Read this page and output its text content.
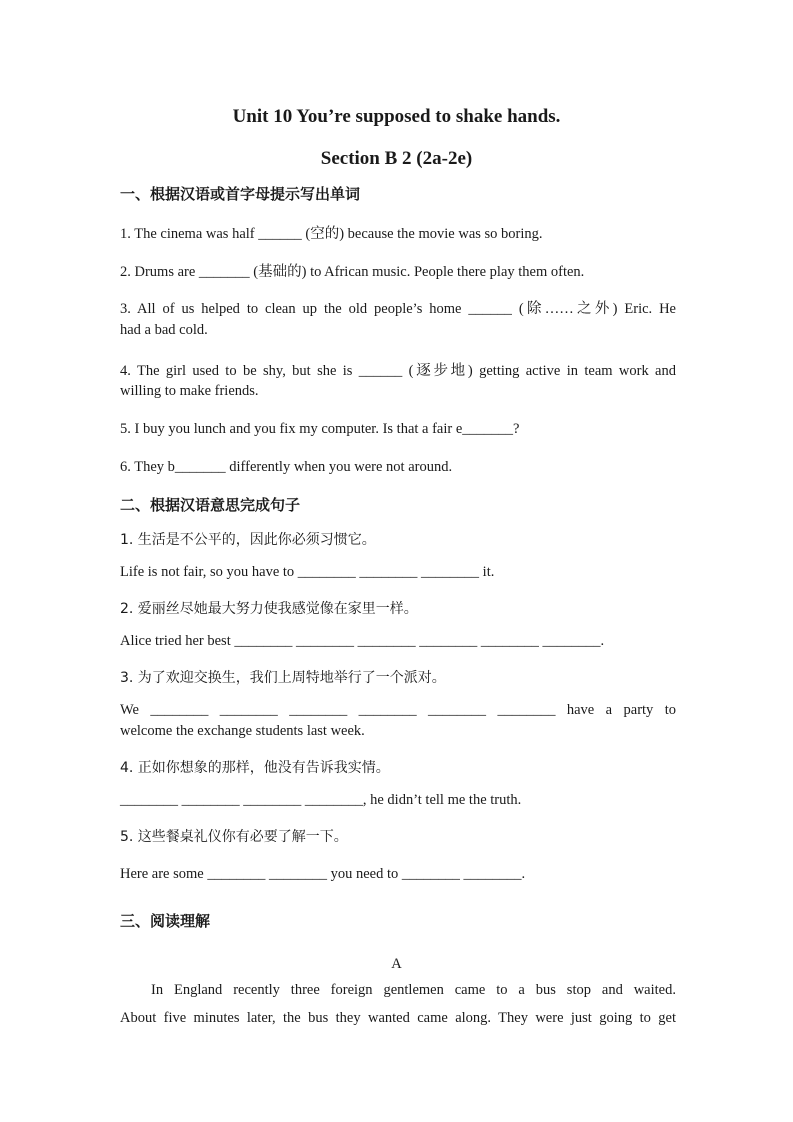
Unit 10 You’re supposed to shake hands.
Section B 2 (2a-2e)
一、根据汉语或首字母提示写出单词
1. The cinema was half ______ (空的) because the movie was so boring.
2. Drums are _______ (基础的) to African music. People there play them often.
3. All of us helped to clean up the old people’s home ______ (除……之外) Eric. He
had a bad cold.
4. The girl used to be shy, but she is ______ (逐步地) getting active in team work and
willing to make friends.
5. I buy you lunch and you fix my computer. Is that a fair e_______?
6. They b_______ differently when you were not around.
二、根据汉语意思完成句子
1. 生活是不公平的，因此你必须习惯它。
Life is not fair, so you have to ________ ________ ________ it.
2. 爱丽丝尽她最大努力使我感觉像在家里一样。
Alice tried her best ________ ________ ________ ________ ________ ________.
3. 为了欢迎交换生，我们上周特地举行了一个派对。
We ________ ________ ________ ________ ________ ________ have a party to
welcome the exchange students last week.
4. 正如你想象的那样，他没有告诉我实情。
________ ________ ________ ________, he didn’t tell me the truth.
5. 这些餐桌礼仪你有必要了解一下。
Here are some ________ ________ you need to ________ ________.
三、阅读理解
A
In England recently three foreign gentlemen came to a bus stop and waited.
About five minutes later, the bus they wanted came along. They were just going to get
